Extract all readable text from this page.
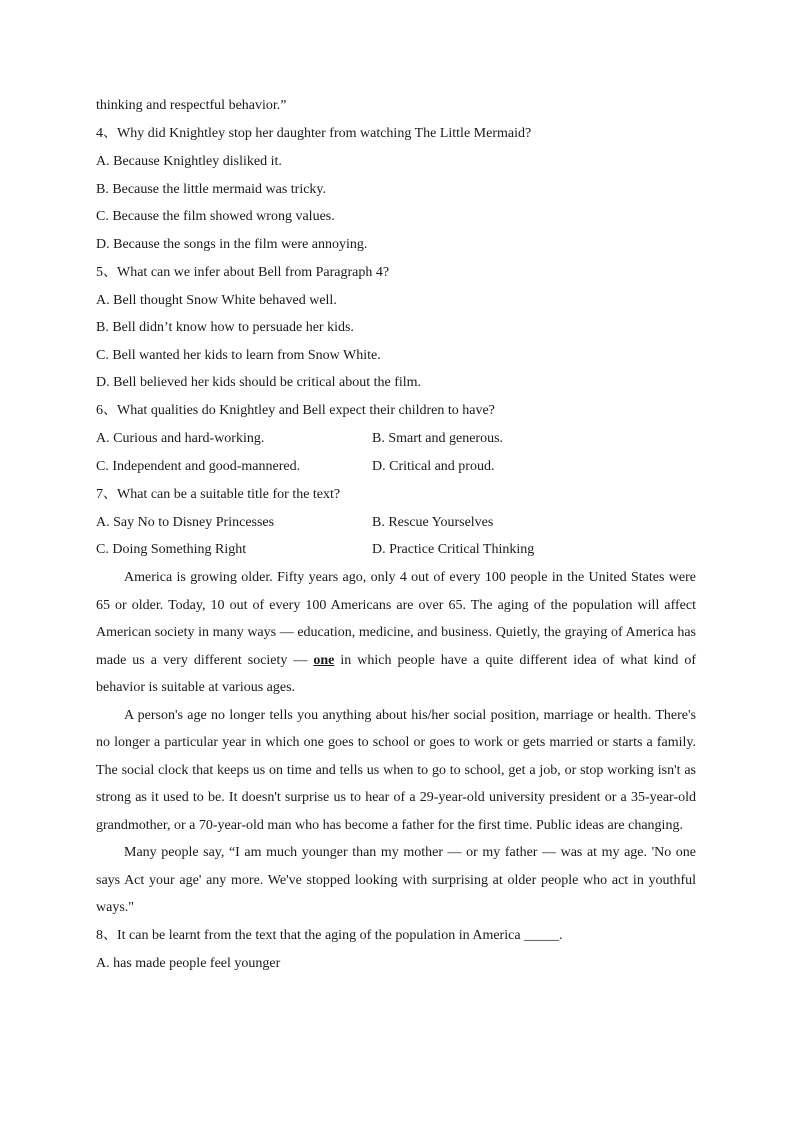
thinking and respectful behavior.”
4、Why did Knightley stop her daughter from watching The Little Mermaid?
A. Because Knightley disliked it.
B. Because the little mermaid was tricky.
C. Because the film showed wrong values.
D. Because the songs in the film were annoying.
5、What can we infer about Bell from Paragraph 4?
A. Bell thought Snow White behaved well.
B. Bell didn’t know how to persuade her kids.
C. Bell wanted her kids to learn from Snow White.
D. Bell believed her kids should be critical about the film.
6、What qualities do Knightley and Bell expect their children to have?
A. Curious and hard-working.	B. Smart and generous.
C. Independent and good-mannered.	D. Critical and proud.
7、What can be a suitable title for the text?
A. Say No to Disney Princesses	B. Rescue Yourselves
C. Doing Something Right	D. Practice Critical Thinking

America is growing older. Fifty years ago, only 4 out of every 100 people in the United States were 65 or older. Today, 10 out of every 100 Americans are over 65. The aging of the population will affect American society in many ways — education, medicine, and business. Quietly, the graying of America has made us a very different society — one in which people have a quite different idea of what kind of behavior is suitable at various ages.

A person's age no longer tells you anything about his/her social position, marriage or health. There's no longer a particular year in which one goes to school or goes to work or gets married or starts a family. The social clock that keeps us on time and tells us when to go to school, get a job, or stop working isn't as strong as it used to be. It doesn't surprise us to hear of a 29-year-old university president or a 35-year-old grandmother, or a 70-year-old man who has become a father for the first time. Public ideas are changing.

Many people say, “I am much younger than my mother — or my father — was at my age. 'No one says Act your age' any more. We've stopped looking with surprising at older people who act in youthful ways."

8、It can be learnt from the text that the aging of the population in America _____.
A. has made people feel younger
